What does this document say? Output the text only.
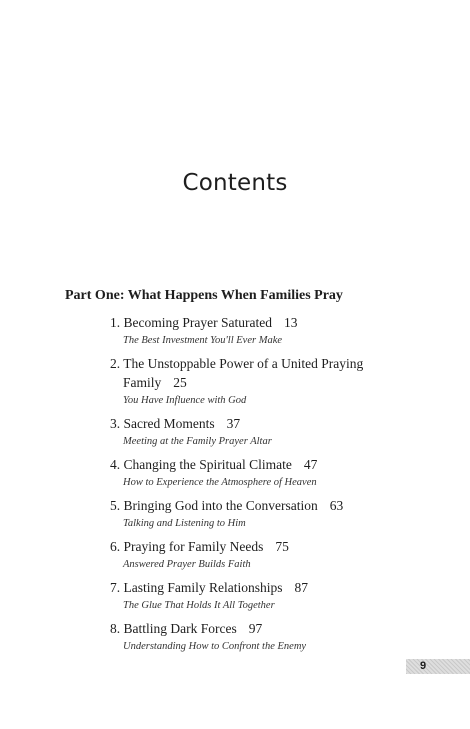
Contents
Part One: What Happens When Families Pray
1. Becoming Prayer Saturated 13
The Best Investment You'll Ever Make
2. The Unstoppable Power of a United Praying
Family 25
You Have Influence with God
3. Sacred Moments 37
Meeting at the Family Prayer Altar
4. Changing the Spiritual Climate 47
How to Experience the Atmosphere of Heaven
5. Bringing God into the Conversation 63
Talking and Listening to Him
6. Praying for Family Needs 75
Answered Prayer Builds Faith
7. Lasting Family Relationships 87
The Glue That Holds It All Together
8. Battling Dark Forces 97
Understanding How to Confront the Enemy
9
